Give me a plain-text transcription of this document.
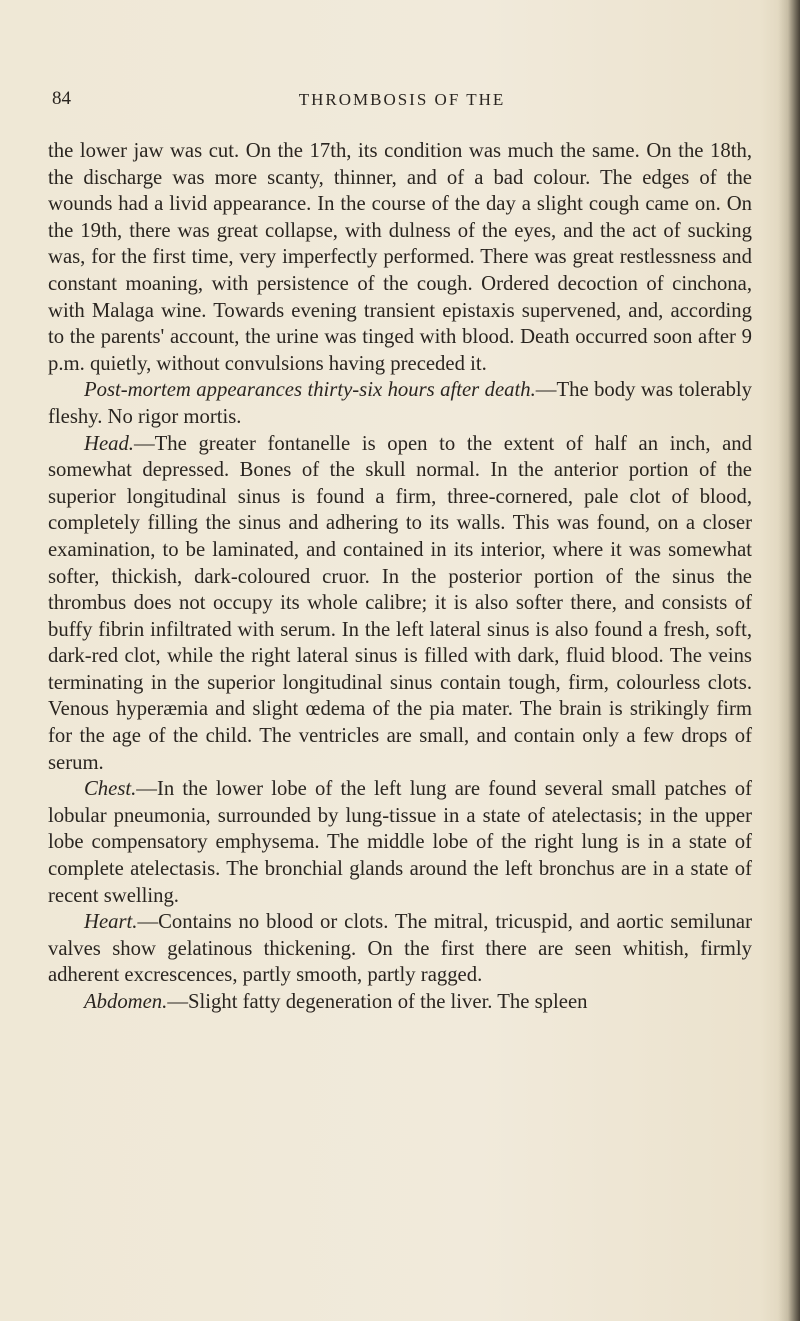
84	THROMBOSIS OF THE

the lower jaw was cut. On the 17th, its condition was much the same. On the 18th, the discharge was more scanty, thinner, and of a bad colour. The edges of the wounds had a livid appearance. In the course of the day a slight cough came on. On the 19th, there was great collapse, with dulness of the eyes, and the act of sucking was, for the first time, very imperfectly performed. There was great restlessness and constant moaning, with persistence of the cough. Ordered decoction of cinchona, with Malaga wine. Towards evening transient epistaxis supervened, and, according to the parents' account, the urine was tinged with blood. Death occurred soon after 9 p.m. quietly, without convulsions having preceded it.

Post-mortem appearances thirty-six hours after death.—The body was tolerably fleshy. No rigor mortis.

Head.—The greater fontanelle is open to the extent of half an inch, and somewhat depressed. Bones of the skull normal. In the anterior portion of the superior longitudinal sinus is found a firm, three-cornered, pale clot of blood, completely filling the sinus and adhering to its walls. This was found, on a closer examination, to be laminated, and contained in its interior, where it was somewhat softer, thickish, dark-coloured cruor. In the posterior portion of the sinus the thrombus does not occupy its whole calibre; it is also softer there, and consists of buffy fibrin infiltrated with serum. In the left lateral sinus is also found a fresh, soft, dark-red clot, while the right lateral sinus is filled with dark, fluid blood. The veins terminating in the superior longitudinal sinus contain tough, firm, colourless clots. Venous hyperæmia and slight œdema of the pia mater. The brain is strikingly firm for the age of the child. The ventricles are small, and contain only a few drops of serum.

Chest.—In the lower lobe of the left lung are found several small patches of lobular pneumonia, surrounded by lung-tissue in a state of atelectasis; in the upper lobe compensatory emphysema. The middle lobe of the right lung is in a state of complete atelectasis. The bronchial glands around the left bronchus are in a state of recent swelling.

Heart.—Contains no blood or clots. The mitral, tricuspid, and aortic semilunar valves show gelatinous thickening. On the first there are seen whitish, firmly adherent excrescences, partly smooth, partly ragged.

Abdomen.—Slight fatty degeneration of the liver. The spleen
